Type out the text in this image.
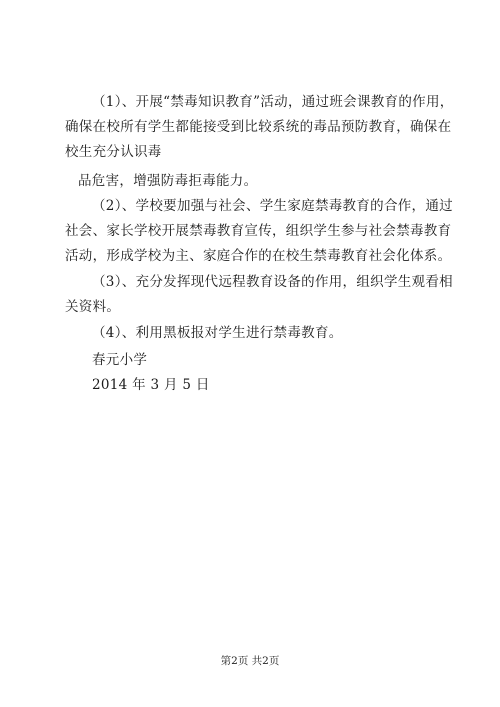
（1）、开展“禁毒知识教育”活动，通过班会课教育的作用，
确保在校所有学生都能接受到比较系统的毒品预防教育，确保在
校生充分认识毒
品危害，增强防毒拒毒能力。
（2）、学校要加强与社会、学生家庭禁毒教育的合作，通过
社会、家长学校开展禁毒教育宣传，组织学生参与社会禁毒教育
活动，形成学校为主、家庭合作的在校生禁毒教育社会化体系。
（3）、充分发挥现代远程教育设备的作用，组织学生观看相
关资料。
（4）、利用黑板报对学生进行禁毒教育。
春元小学
2014 年 3 月 5 日
第2页 共2页
